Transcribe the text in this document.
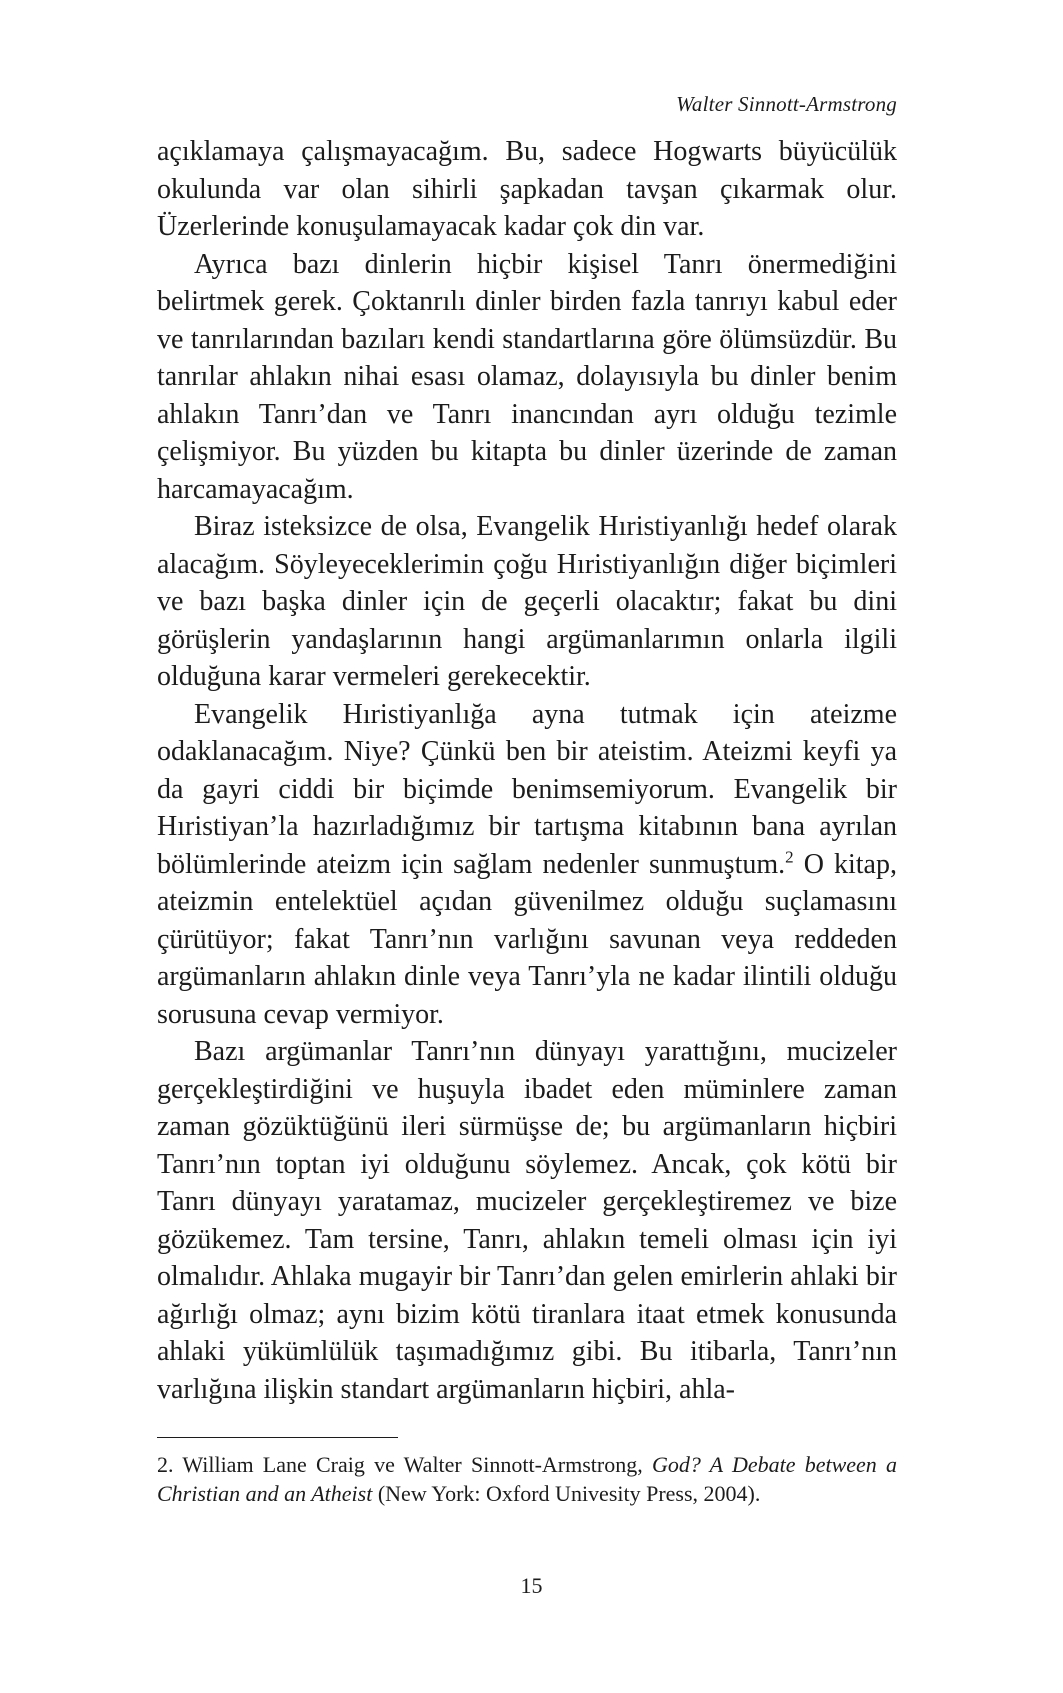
Walter Sinnott-Armstrong

açıklamaya çalışmayacağım. Bu, sadece Hogwarts büyücülük okulunda var olan sihirli şapkadan tavşan çıkarmak olur. Üzerlerinde konuşulamayacak kadar çok din var.

Ayrıca bazı dinlerin hiçbir kişisel Tanrı önermediğini belirtmek gerek. Çoktanrılı dinler birden fazla tanrıyı kabul eder ve tanrılarından bazıları kendi standartlarına göre ölümsüzdür. Bu tanrılar ahlakın nihai esası olamaz, dolayısıyla bu dinler benim ahlakın Tanrı’dan ve Tanrı inancından ayrı olduğu tezimle çelişmiyor. Bu yüzden bu kitapta bu dinler üzerinde de zaman harcamayacağım.

Biraz isteksizce de olsa, Evangelik Hıristiyanlığı hedef olarak alacağım. Söyleyeceklerimin çoğu Hıristiyanlığın diğer biçimleri ve bazı başka dinler için de geçerli olacaktır; fakat bu dini görüşlerin yandaşlarının hangi argümanlarımın onlarla ilgili olduğuna karar vermeleri gerekecektir.

Evangelik Hıristiyanlığa ayna tutmak için ateizme odaklanacağım. Niye? Çünkü ben bir ateistim. Ateizmi keyfi ya da gayri ciddi bir biçimde benimsemiyorum. Evangelik bir Hıristiyan’la hazırladığımız bir tartışma kitabının bana ayrılan bölümlerinde ateizm için sağlam nedenler sunmuştum.$^2$ O kitap, ateizmin entelektüel açıdan güvenilmez olduğu suçlamasını çürütüyor; fakat Tanrı’nın varlığını savunan veya reddeden argümanların ahlakın dinle veya Tanrı’yla ne kadar ilintili olduğu sorusuna cevap vermiyor.

Bazı argümanlar Tanrı’nın dünyayı yarattığını, mucizeler gerçekleştirdiğini ve huşuyla ibadet eden müminlere zaman zaman gözüktüğünü ileri sürmüşse de; bu argümanların hiçbiri Tanrı’nın toptan iyi olduğunu söylemez. Ancak, çok kötü bir Tanrı dünyayı yaratamaz, mucizeler gerçekleştiremez ve bize gözükemez. Tam tersine, Tanrı, ahlakın temeli olması için iyi olmalıdır. Ahlaka mugayir bir Tanrı’dan gelen emirlerin ahlaki bir ağırlığı olmaz; aynı bizim kötü tiranlara itaat etmek konusunda ahlaki yükümlülük taşımadığımız gibi. Bu itibarla, Tanrı’nın varlığına ilişkin standart argümanların hiçbiri, ahla-

2. William Lane Craig ve Walter Sinnott-Armstrong, God? A Debate between a Christian and an Atheist (New York: Oxford Univesity Press, 2004).

15
